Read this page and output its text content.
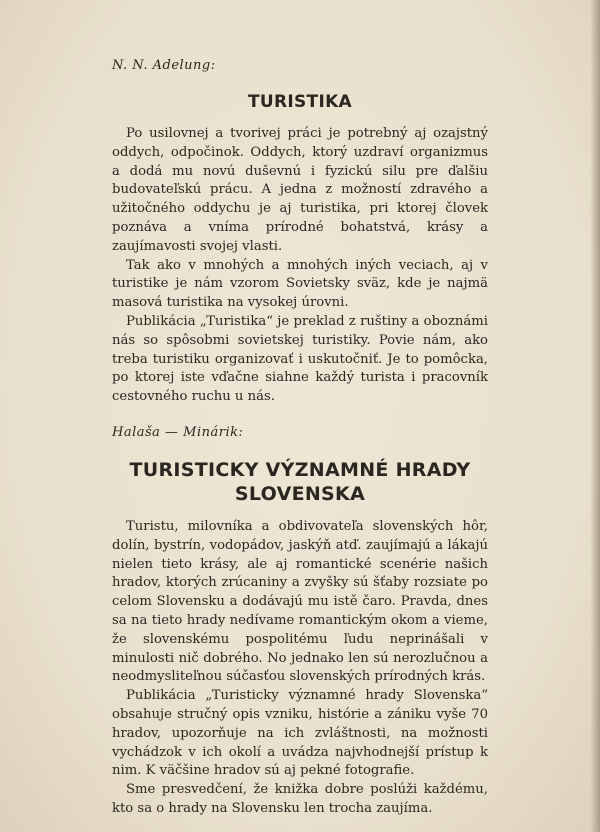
N. N. Adelung:
TURISTIKA

Po usilovnej a tvorivej práci je potrebný aj ozajstný oddych, odpočinok. Oddych, ktorý uzdraví organizmus a dodá mu novú duševnú i fyzickú silu pre ďalšiu budovateľskú prácu. A jedna z možností zdravého a užitočného oddychu je aj turistika, pri ktorej človek poznáva a vníma prírodné bohatstvá, krásy a zaujímavosti svojej vlasti.

Tak ako v mnohých a mnohých iných veciach, aj v turistike je nám vzorom Sovietsky sväz, kde je najmä masová turistika na vysokej úrovni.

Publikácia „Turistika“ je preklad z ruštiny a oboznámi nás so spôsobmi sovietskej turistiky. Povie nám, ako treba turistiku organizovať i uskutočniť. Je to pomôcka, po ktorej iste vďačne siahne každý turista i pracovník cestovného ruchu u nás.

Halaša — Minárik:
TURISTICKY VÝZNAMNÉ HRADY SLOVENSKA

Turistu, milovníka a obdivovateľa slovenských hôr, dolín, bystrín, vodopádov, jaskýň atď. zaujímajú a lákajú nielen tieto krásy, ale aj romantické scenérie našich hradov, ktorých zrúcaniny a zvyšky sú šťaby rozsiate po celom Slovensku a dodávajú mu istě čaro. Pravda, dnes sa na tieto hrady nedívame romantickým okom a vieme, že slovenskému pospolitému ľudu neprinášali v minulosti nič dobrého. No jednako len sú nerozlučnou a neodmysliteľnou súčasťou slovenských prírodných krás.

Publikácia „Turisticky významné hrady Slovenska“ obsahuje stručný opis vzniku, histórie a zániku vyše 70 hradov, upozorňuje na ich zvláštnosti, na možnosti vychádzok v ich okolí a uvádza najvhodnejší prístup k nim. K väčšine hradov sú aj pekné fotografie.

Sme presvedčení, že knižka dobre poslúži každému, kto sa o hrady na Slovensku len trocha zaujíma.
